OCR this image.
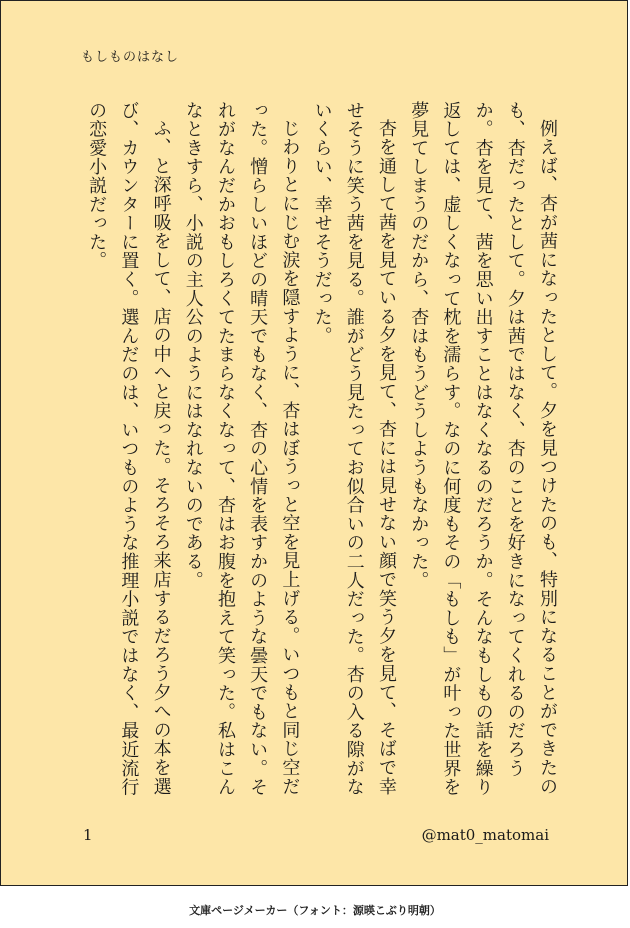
もしものはなし

例えば、杏が茜になったとして。夕を見つけたのも、特別になることができたのも、杏だったとして。夕は茜ではなく、杏のことを好きになってくれるのだろうか。杏を見て、茜を思い出すことはなくなるのだろうか。そんなもしもの話を繰り返しては、虚しくなって枕を濡らす。なのに何度もその「もしも」が叶った世界を夢見てしまうのだから、杏はもうどうしようもなかった。

杏を通して茜を見ている夕を見て、杏には見せない顔で笑う夕を見て、そばで幸せそうに笑う茜を見る。誰がどう見たってお似合いの二人だった。杏の入る隙がないくらい、幸せそうだった。

じわりとにじむ涙を隠すように、杏はぼうっと空を見上げる。いつもと同じ空だった。憎らしいほどの晴天でもなく、杏の心情を表すかのような曇天でもない。それがなんだかおもしろくてたまらなくなって、杏はお腹を抱えて笑った。私はこんなときすら、小説の主人公のようにはなれないのである。

ふ、と深呼吸をして、店の中へと戻った。そろそろ来店するだろう夕への本を選び、カウンターに置く。選んだのは、いつものような推理小説ではなく、最近流行の恋愛小説だった。

1	@mat0_matomai
文庫ページメーカー（フォント：源暎こぶり明朝）
